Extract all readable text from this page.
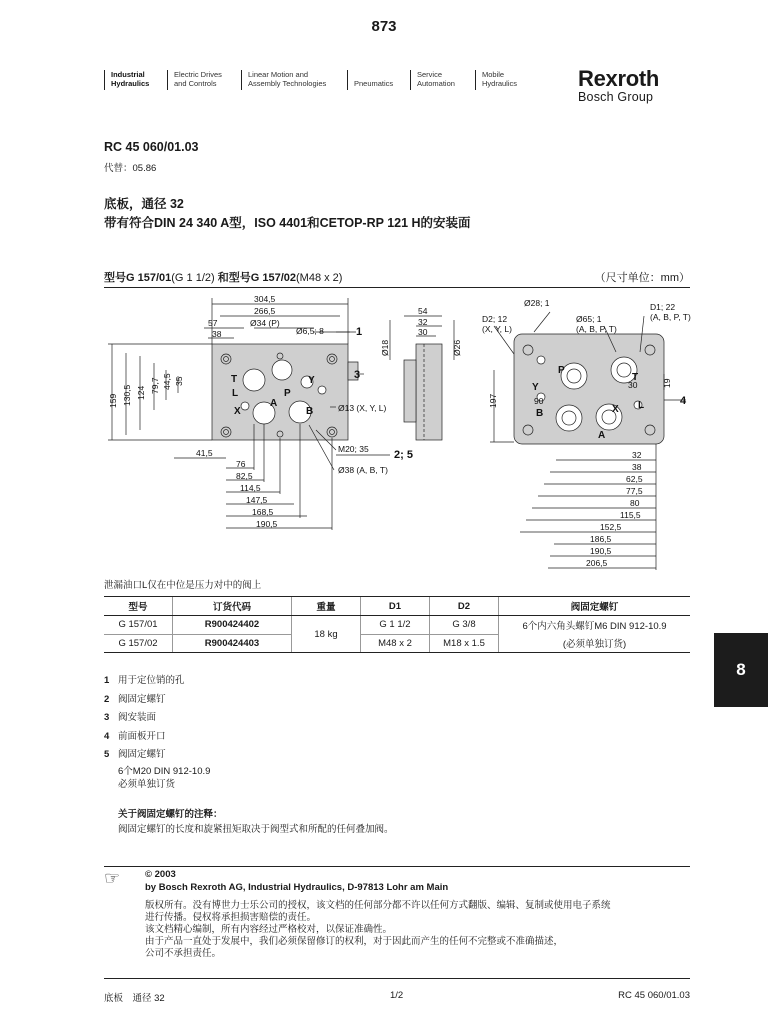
873
Industrial
Hydraulics
Electric Drives
and Controls
Linear Motion and
Assembly Technologies
	Pneumatics
Service
Automation
Mobile
Hydraulics	Rexroth
Bosch Group
RC 45 060/01.03
代替：05.86
底板，通径 32
带有符合DIN 24 340 A型，ISO 4401和CETOP-RP 121 H的安装面
型号G 157/01(G 1 1/2) 和型号G 157/02(M48 x 2)	（尺寸单位：mm）
304,5
266,5
57
38
Ø34 (P)
Ø6,5; 8
159 130,5 124 79,7 44,5 35
41,5
76
82,5
114,5
147,5
168,5
190,5
Ø13 (X, Y, L)
M20; 35
Ø38 (A, B, T)
1
3
2; 5
T
P
Y
A
B
X
L
54
32
30
Ø18	Ø26
Ø28; 1
D2; 12
(X, Y, L)
Ø65; 1
(A, B, P, T)
D1; 22
(A, B, P, T)
197	90
30	19
4
P
T
Y
B	X L
A
32
38
62,5
77,5
80
115,5
152,5
186,5
190,5
206,5
泄漏油口L仅在中位是压力对中的阀上
型号	订货代码	重量	D1	D2	阀固定螺钉
G 157/01	R900424402	18 kg	G 1 1/2	G 3/8	6个内六角头螺钉M6 DIN 912-10.9
G 157/02	R900424403		M48 x 2	M18 x 1.5	(必须单独订货)
8
1 用于定位销的孔
2 阀固定螺钉
3 阀安装面
4 前面板开口
5 阀固定螺钉
6个M20 DIN 912-10.9
必须单独订货
关于阀固定螺钉的注释：
阀固定螺钉的长度和旋紧扭矩取决于阀型式和所配的任何叠加阀。
☞	© 2003
by Bosch Rexroth AG, Industrial Hydraulics, D-97813 Lohr am Main
版权所有。没有博世力士乐公司的授权，该文档的任何部分都不许以任何方式翻版、编辑、复制或使用电子系统
进行传播。侵权将承担损害赔偿的责任。
该文档精心编制，所有内容经过严格校对，以保证准确性。
由于产品一直处于发展中，我们必须保留修订的权利，对于因此而产生的任何不完整或不准确描述，
公司不承担责任。
底板　通径 32	1/2	RC 45 060/01.03
